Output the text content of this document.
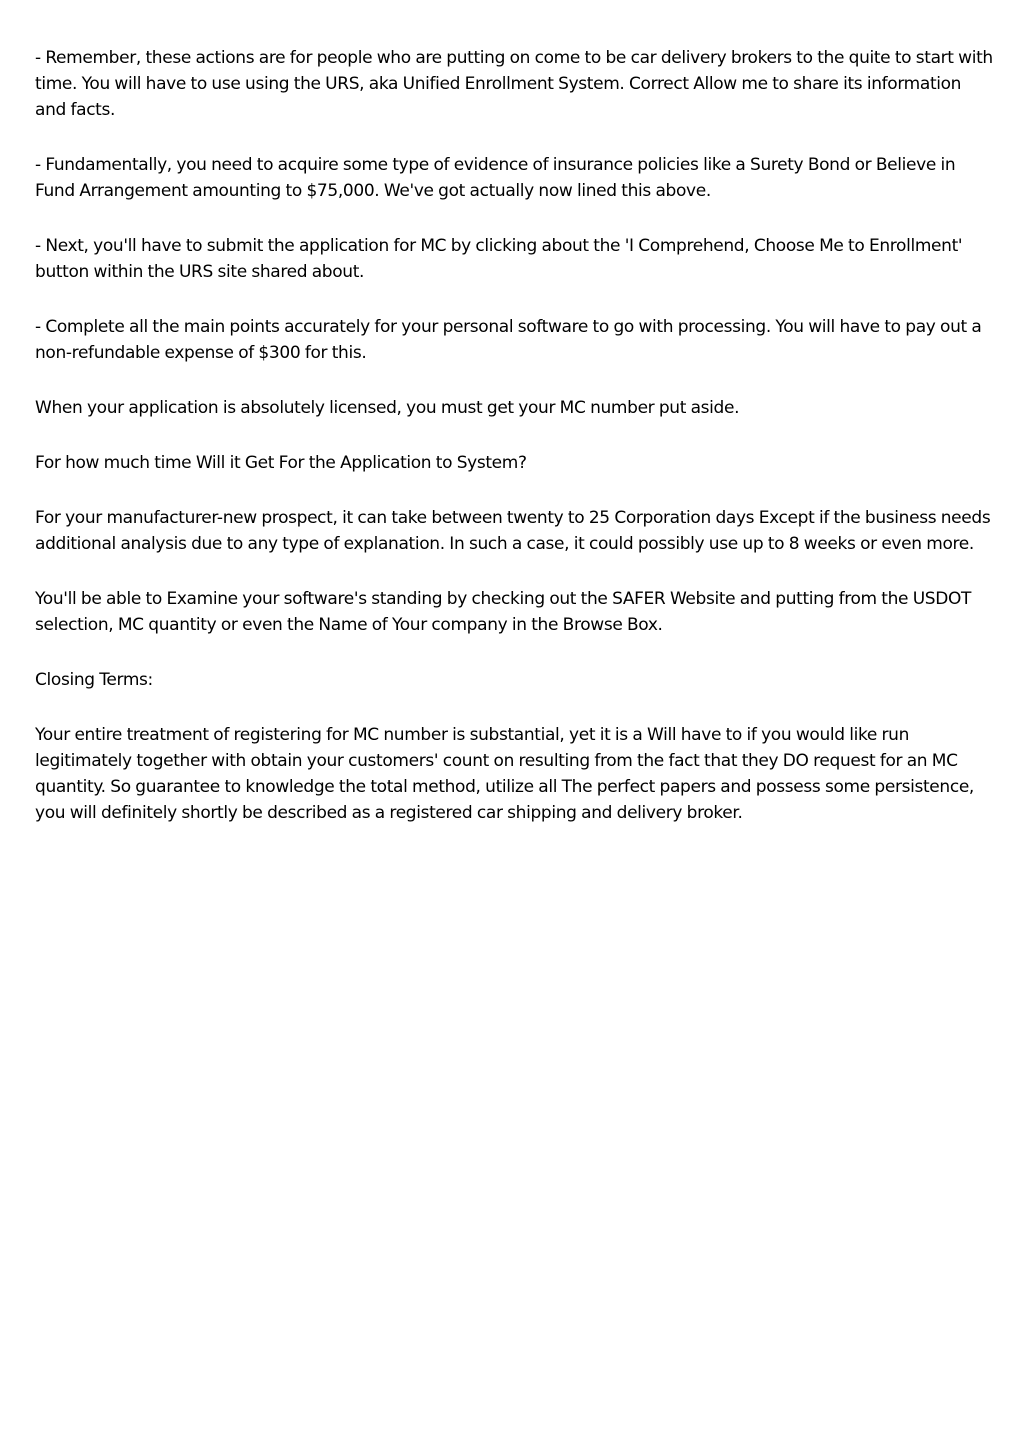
- Remember, these actions are for people who are putting on come to be car delivery brokers to the quite to start with time. You will have to use using the URS, aka Unified Enrollment System. Correct Allow me to share its information and facts.

- Fundamentally, you need to acquire some type of evidence of insurance policies like a Surety Bond or Believe in Fund Arrangement amounting to $75,000. We've got actually now lined this above.

- Next, you'll have to submit the application for MC by clicking about the 'I Comprehend, Choose Me to Enrollment' button within the URS site shared about.

- Complete all the main points accurately for your personal software to go with processing. You will have to pay out a non-refundable expense of $300 for this.

When your application is absolutely licensed, you must get your MC number put aside.

For how much time Will it Get For the Application to System?

For your manufacturer-new prospect, it can take between twenty to 25 Corporation days Except if the business needs additional analysis due to any type of explanation. In such a case, it could possibly use up to 8 weeks or even more.

You'll be able to Examine your software's standing by checking out the SAFER Website and putting from the USDOT selection, MC quantity or even the Name of Your company in the Browse Box.

Closing Terms:

Your entire treatment of registering for MC number is substantial, yet it is a Will have to if you would like run legitimately together with obtain your customers' count on resulting from the fact that they DO request for an MC quantity. So guarantee to knowledge the total method, utilize all The perfect papers and possess some persistence, you will definitely shortly be described as a registered car shipping and delivery broker.
